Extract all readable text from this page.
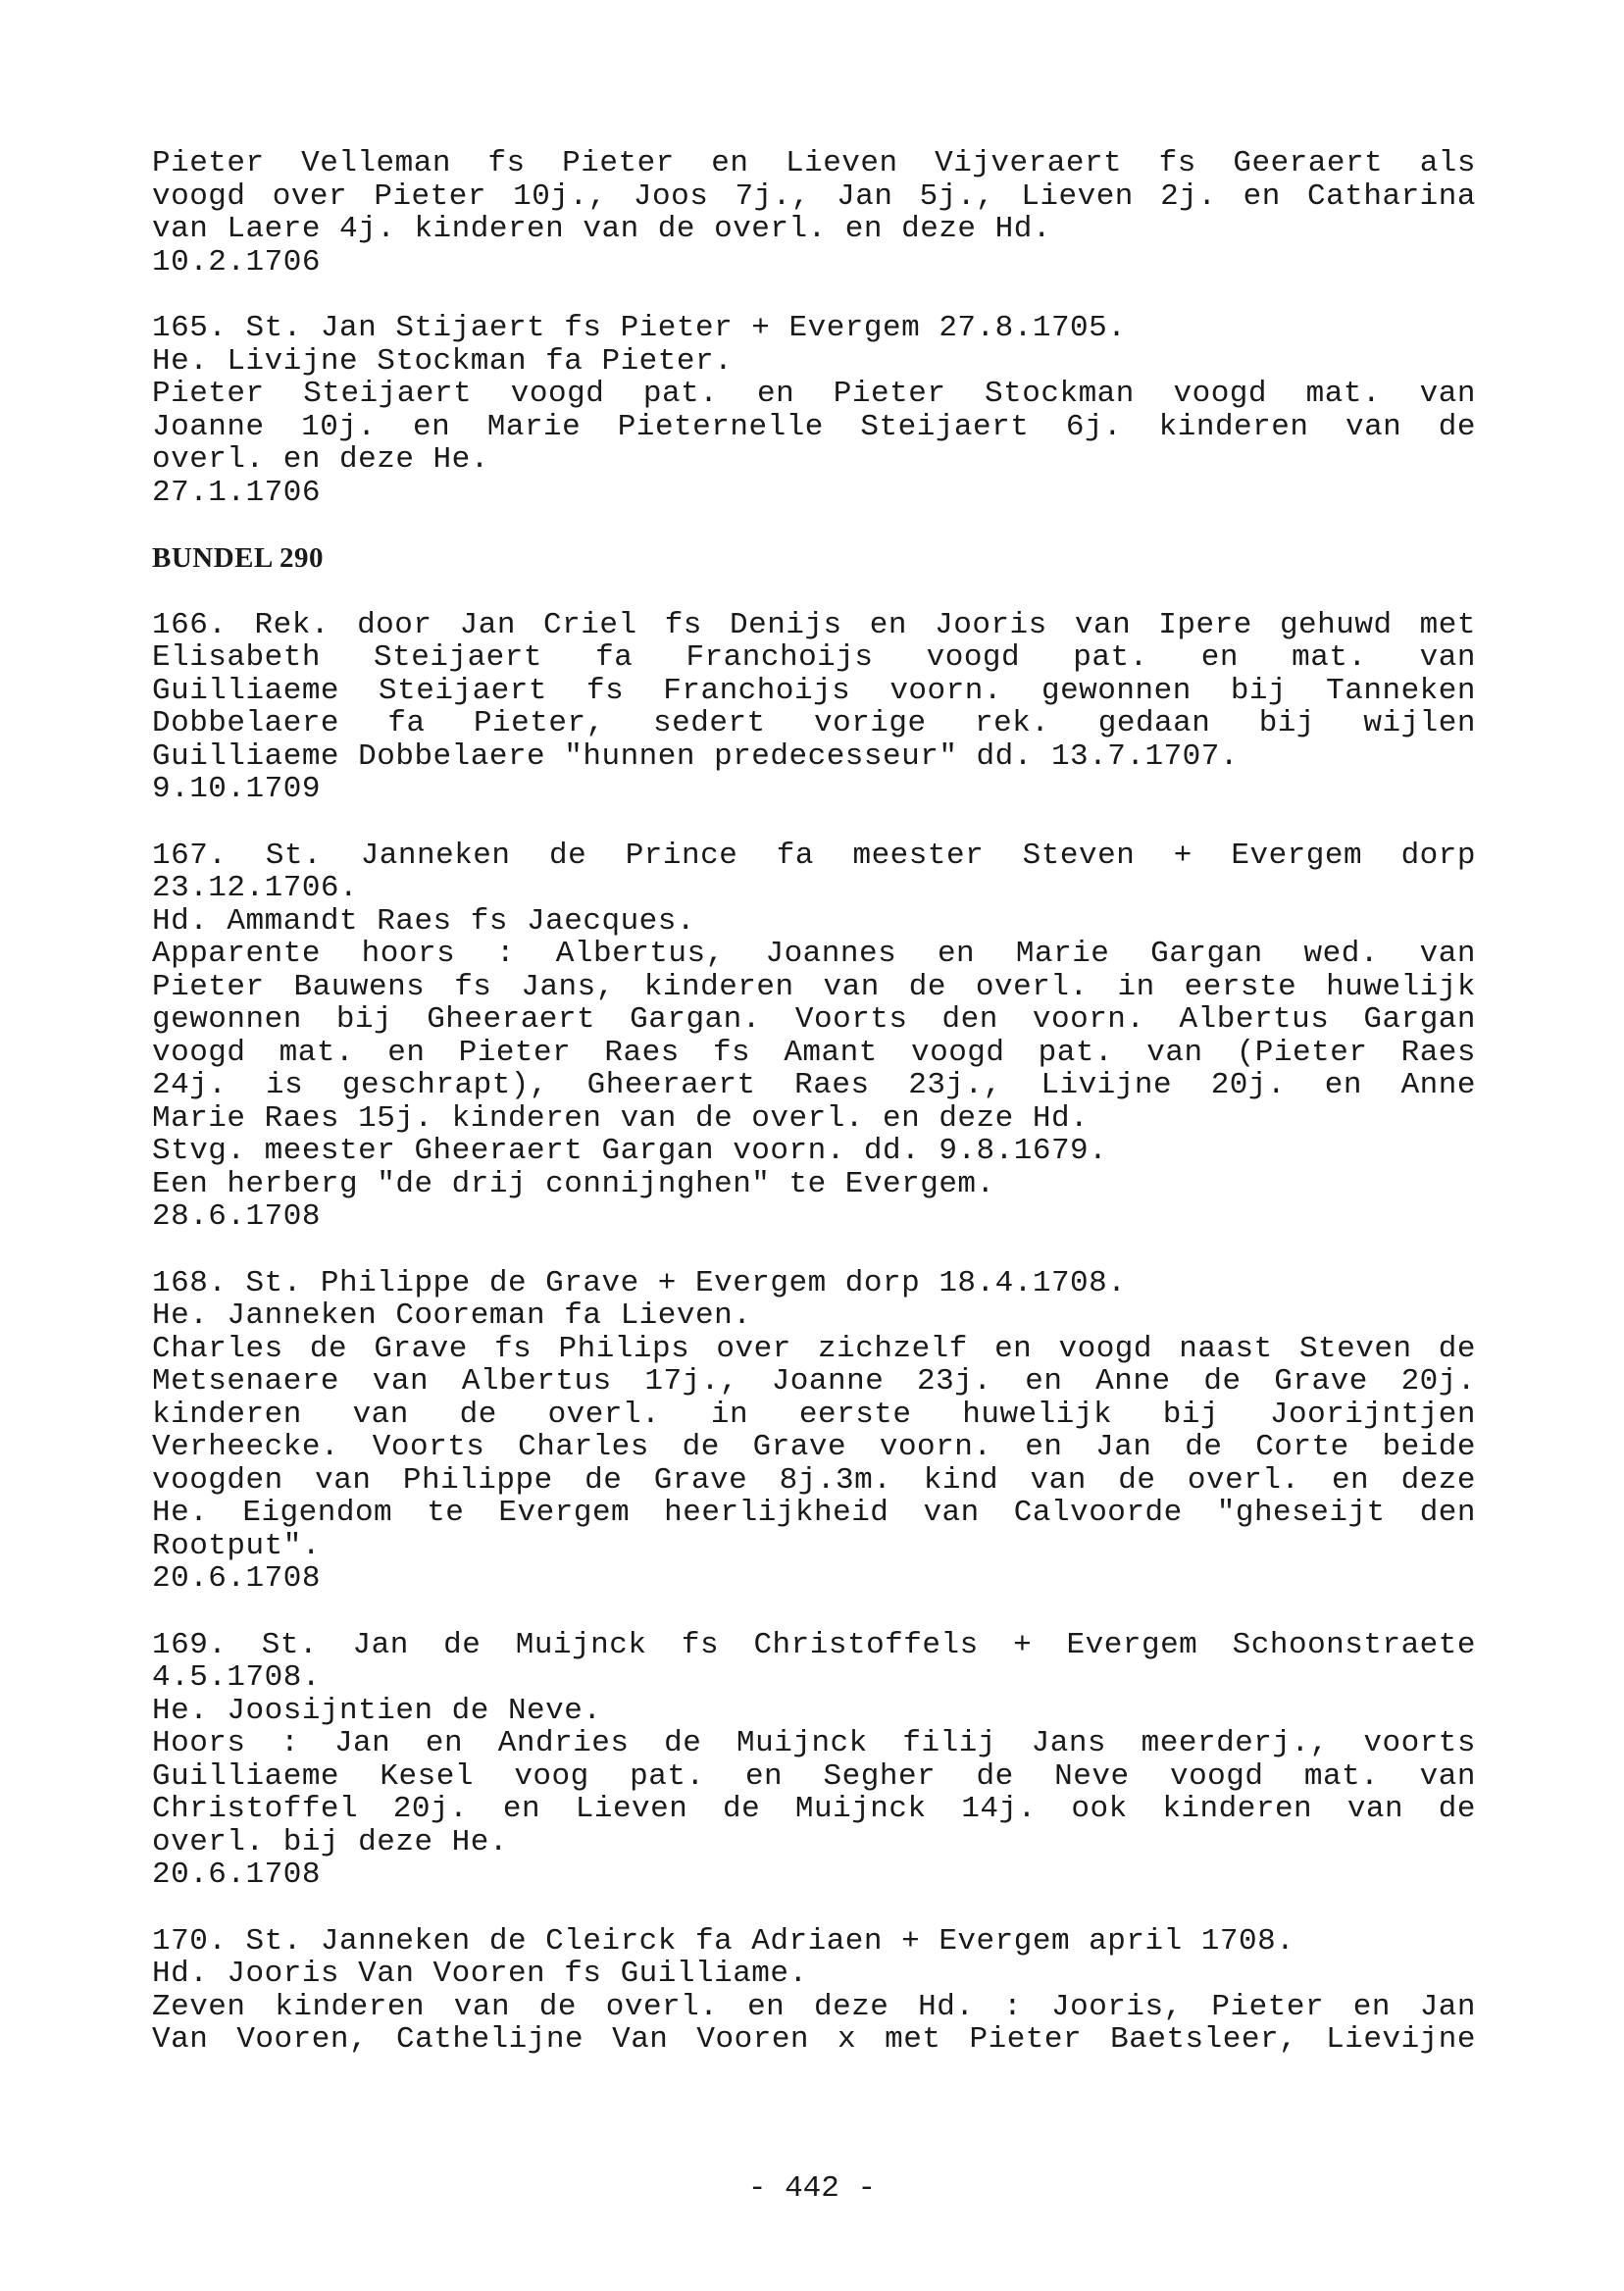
Pieter Velleman fs Pieter en Lieven Vijveraert fs Geeraert als
voogd over Pieter 10j., Joos 7j., Jan 5j., Lieven 2j. en Catharina
van Laere 4j. kinderen van de overl. en deze Hd.
10.2.1706
165. St. Jan Stijaert fs Pieter + Evergem 27.8.1705.
He. Livijne Stockman fa Pieter.
Pieter Steijaert voogd pat. en Pieter Stockman voogd mat. van
Joanne 10j. en Marie Pieternelle Steijaert 6j. kinderen van de
overl. en deze He.
27.1.1706
BUNDEL 290
166. Rek. door Jan Criel fs Denijs en Jooris van Ipere gehuwd met
Elisabeth Steijaert fa Franchoijs voogd pat. en mat. van
Guilliaeme Steijaert fs Franchoijs voorn. gewonnen bij Tanneken
Dobbelaere fa Pieter, sedert vorige rek. gedaan bij wijlen
Guilliaeme Dobbelaere "hunnen predecesseur" dd. 13.7.1707.
9.10.1709
167. St. Janneken de Prince fa meester Steven + Evergem dorp
23.12.1706.
Hd. Ammandt Raes fs Jaecques.
Apparente hoors : Albertus, Joannes en Marie Gargan wed. van
Pieter Bauwens fs Jans, kinderen van de overl. in eerste huwelijk
gewonnen bij Gheeraert Gargan. Voorts den voorn. Albertus Gargan
voogd mat. en Pieter Raes fs Amant voogd pat. van (Pieter Raes
24j. is geschrapt), Gheeraert Raes 23j., Livijne 20j. en Anne
Marie Raes 15j. kinderen van de overl. en deze Hd.
Stvg. meester Gheeraert Gargan voorn. dd. 9.8.1679.
Een herberg "de drij connijnghen" te Evergem.
28.6.1708
168. St. Philippe de Grave + Evergem dorp 18.4.1708.
He. Janneken Cooreman fa Lieven.
Charles de Grave fs Philips over zichzelf en voogd naast Steven de
Metsenaere van Albertus 17j., Joanne 23j. en Anne de Grave 20j.
kinderen van de overl. in eerste huwelijk bij Joorijntjen
Verheecke. Voorts Charles de Grave voorn. en Jan de Corte beide
voogden van Philippe de Grave 8j.3m. kind van de overl. en deze
He. Eigendom te Evergem heerlijkheid van Calvoorde "gheseijt den
Rootput".
20.6.1708
169. St. Jan de Muijnck fs Christoffels + Evergem Schoonstraete
4.5.1708.
He. Joosijntien de Neve.
Hoors : Jan en Andries de Muijnck filij Jans meerderj., voorts
Guilliaeme Kesel voog pat. en Segher de Neve voogd mat. van
Christoffel 20j. en Lieven de Muijnck 14j. ook kinderen van de
overl. bij deze He.
20.6.1708
170. St. Janneken de Cleirck fa Adriaen + Evergem april 1708.
Hd. Jooris Van Vooren fs Guilliame.
Zeven kinderen van de overl. en deze Hd. : Jooris, Pieter en Jan
Van Vooren, Cathelijne Van Vooren x met Pieter Baetsleer, Lievijne
- 442 -
